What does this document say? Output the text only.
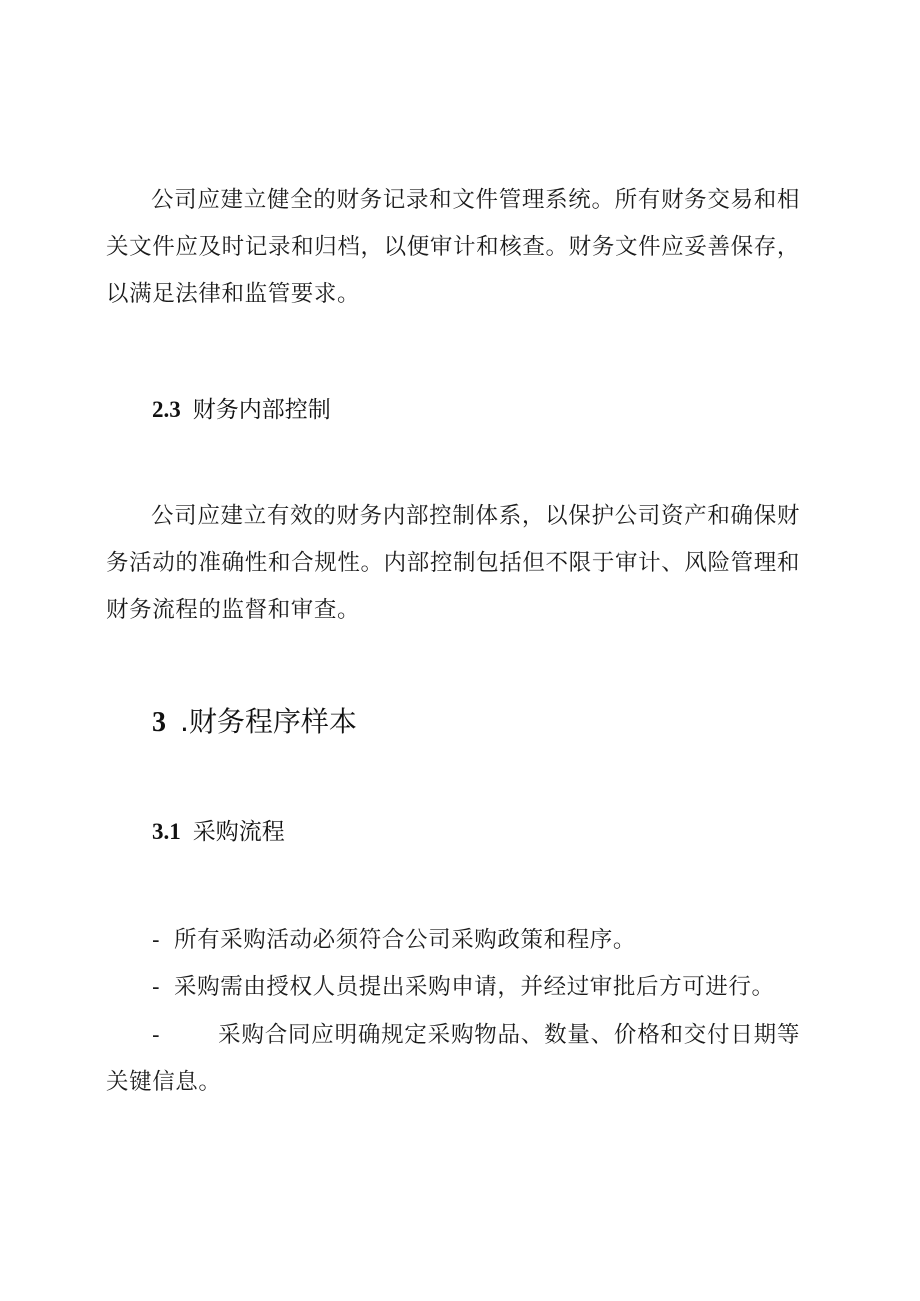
公司应建立健全的财务记录和文件管理系统。所有财务交易和相关文件应及时记录和归档，以便审计和核查。财务文件应妥善保存，以满足法律和监管要求。

2.3 财务内部控制

公司应建立有效的财务内部控制体系，以保护公司资产和确保财务活动的准确性和合规性。内部控制包括但不限于审计、风险管理和财务流程的监督和审查。

3 .财务程序样本
3.1 采购流程

- 所有采购活动必须符合公司采购政策和程序。

- 采购需由授权人员提出采购申请，并经过审批后方可进行。

-	采购合同应明确规定采购物品、数量、价格和交付日期等关键信息。
